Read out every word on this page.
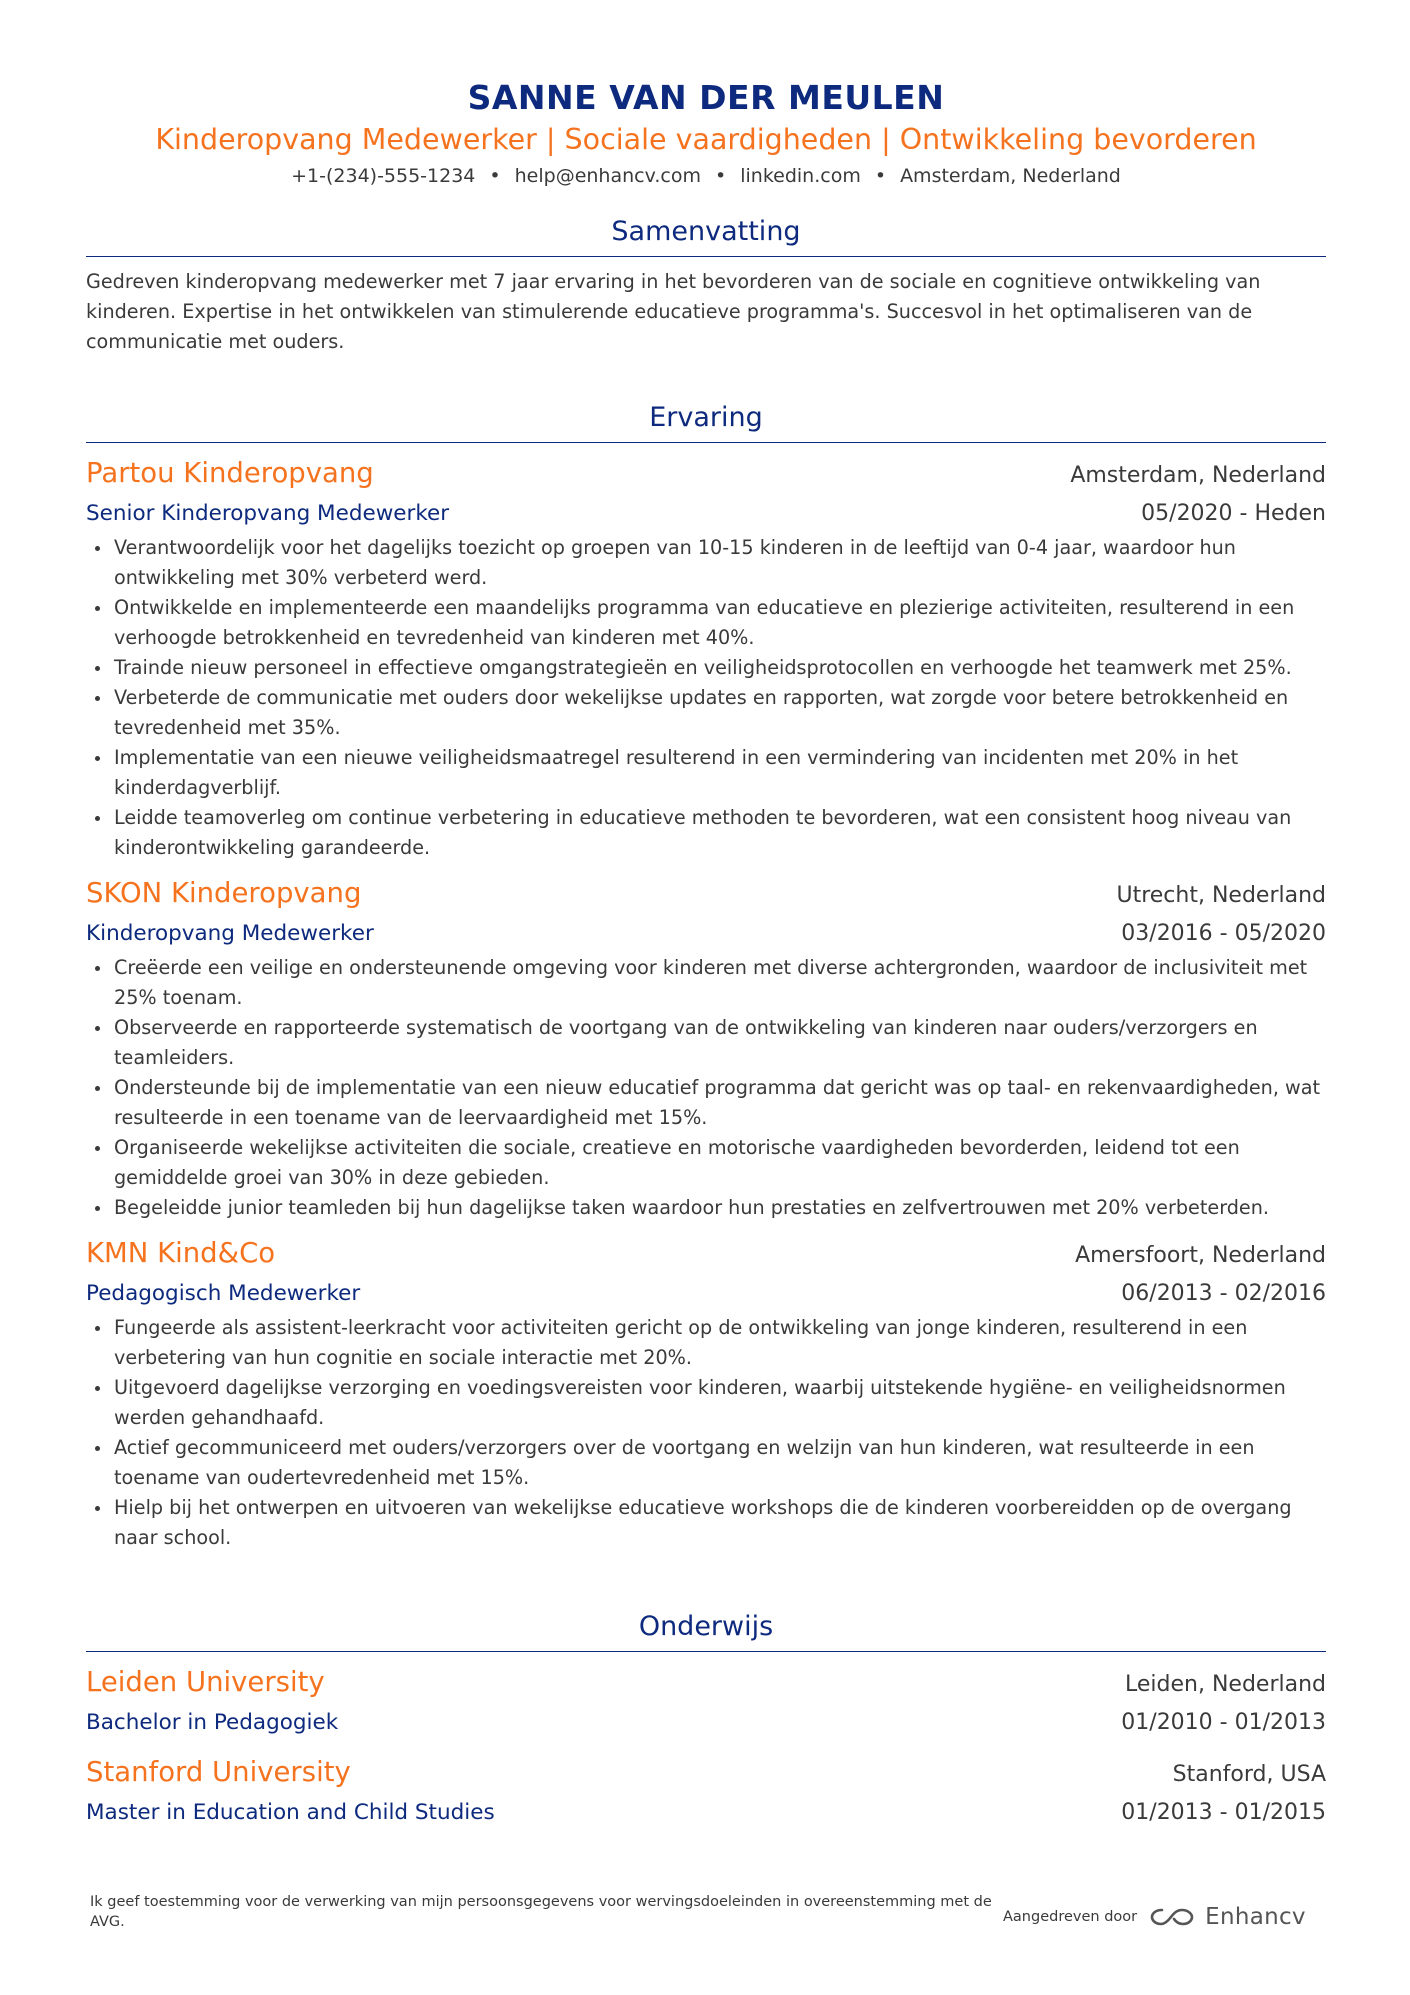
SANNE VAN DER MEULEN
Kinderopvang Medewerker | Sociale vaardigheden | Ontwikkeling bevorderen
+1-(234)-555-1234 • help@enhancv.com • linkedin.com • Amsterdam, Nederland
Samenvatting

Gedreven kinderopvang medewerker met 7 jaar ervaring in het bevorderen van de sociale en cognitieve ontwikkeling van kinderen. Expertise in het ontwikkelen van stimulerende educatieve programma's. Succesvol in het optimaliseren van de communicatie met ouders.

Ervaring
Partou Kinderopvang	Amsterdam, Nederland
Senior Kinderopvang Medewerker	05/2020 - Heden
Verantwoordelijk voor het dagelijks toezicht op groepen van 10-15 kinderen in de leeftijd van 0-4 jaar, waardoor hun ontwikkeling met 30% verbeterd werd.
Ontwikkelde en implementeerde een maandelijks programma van educatieve en plezierige activiteiten, resulterend in een verhoogde betrokkenheid en tevredenheid van kinderen met 40%.
Trainde nieuw personeel in effectieve omgangstrategieën en veiligheidsprotocollen en verhoogde het teamwerk met 25%.
Verbeterde de communicatie met ouders door wekelijkse updates en rapporten, wat zorgde voor betere betrokkenheid en tevredenheid met 35%.
Implementatie van een nieuwe veiligheidsmaatregel resulterend in een vermindering van incidenten met 20% in het kinderdagverblijf.
Leidde teamoverleg om continue verbetering in educatieve methoden te bevorderen, wat een consistent hoog niveau van kinderontwikkeling garandeerde.
SKON Kinderopvang	Utrecht, Nederland
Kinderopvang Medewerker	03/2016 - 05/2020
Creëerde een veilige en ondersteunende omgeving voor kinderen met diverse achtergronden, waardoor de inclusiviteit met 25% toenam.
Observeerde en rapporteerde systematisch de voortgang van de ontwikkeling van kinderen naar ouders/verzorgers en teamleiders.
Ondersteunde bij de implementatie van een nieuw educatief programma dat gericht was op taal- en rekenvaardigheden, wat resulteerde in een toename van de leervaardigheid met 15%.
Organiseerde wekelijkse activiteiten die sociale, creatieve en motorische vaardigheden bevorderden, leidend tot een gemiddelde groei van 30% in deze gebieden.
Begeleidde junior teamleden bij hun dagelijkse taken waardoor hun prestaties en zelfvertrouwen met 20% verbeterden.
KMN Kind&Co	Amersfoort, Nederland
Pedagogisch Medewerker	06/2013 - 02/2016
Fungeerde als assistent-leerkracht voor activiteiten gericht op de ontwikkeling van jonge kinderen, resulterend in een verbetering van hun cognitie en sociale interactie met 20%.
Uitgevoerd dagelijkse verzorging en voedingsvereisten voor kinderen, waarbij uitstekende hygiëne- en veiligheidsnormen werden gehandhaafd.
Actief gecommuniceerd met ouders/verzorgers over de voortgang en welzijn van hun kinderen, wat resulteerde in een toename van oudertevredenheid met 15%.
Hielp bij het ontwerpen en uitvoeren van wekelijkse educatieve workshops die de kinderen voorbereidden op de overgang naar school.
Onderwijs
Leiden University	Leiden, Nederland
Bachelor in Pedagogiek	01/2010 - 01/2013
Stanford University	Stanford, USA
Master in Education and Child Studies	01/2013 - 01/2015
Ik geef toestemming voor de verwerking van mijn persoonsgegevens voor wervingsdoeleinden in overeenstemming met de AVG.	Aangedreven door	Enhancv
